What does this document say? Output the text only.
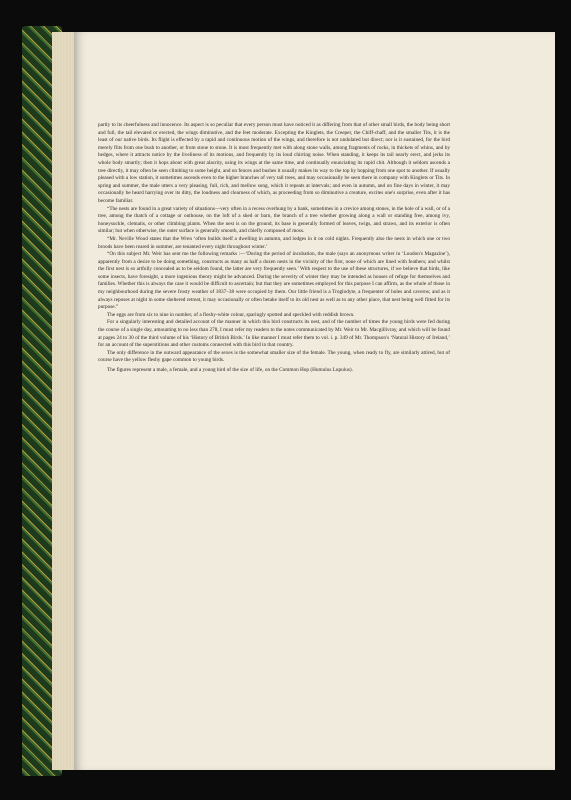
partly to its cheerfulness and innocence. Its aspect is so peculiar that every person must have noticed it as differing from that of other small birds, the body being short and full, the tail elevated or erected, the wings diminutive, and the feet moderate. Excepting the Kinglets, the Creeper, the Chiff-chaff, and the smaller Tits, it is the least of our native birds. Its flight is effected by a rapid and continuous motion of the wings, and therefore is not undulated but direct; nor is it sustained, for the bird merely flits from one bush to another, or from stone to stone. It is most frequently met with along stone walls, among fragments of rocks, in thickets of whins, and by hedges, where it attracts notice by the liveliness of its motions, and frequently by its loud chirring noise. When standing, it keeps its tail nearly erect, and jerks its whole body smartly; then it hops about with great alacrity, using its wings at the same time, and continually enunciating its rapid chit. Although it seldom ascends a tree directly, it may often be seen climbing to some height, and on fences and bushes it usually makes its way to the top by hopping from one spot to another. If usually pleased with a low station, it sometimes ascends even to the higher branches of very tall trees, and may occasionally be seen there in company with Kinglets or Tits. In spring and summer, the male utters a very pleasing, full, rich, and mellow song, which it repeats at intervals; and even in autumn, and on fine days in winter, it may occasionally be heard harrying over its ditty, the loudness and clearness of which, as proceeding from so diminutive a creature, excites one's surprise, even after it has become familiar.

“The nests are found in a great variety of situations—very often in a recess overhung by a bank, sometimes in a crevice among stones, in the hole of a wall, or of a tree, among the thatch of a cottage or outhouse, on the loft of a shed or barn, the branch of a tree whether growing along a wall or standing free, among ivy, honeysuckle, clematis, or other climbing plants. When the nest is on the ground, its base is generally formed of leaves, twigs, and straws, and its exterior is often similar; but when otherwise, the outer surface is generally smooth, and chiefly composed of moss.

“Mr. Neville Wood states that the Wren ‘often builds itself a dwelling in autumn, and lodges in it on cold nights. Frequently also the nests in which one or two broods have been reared in summer, are tenanted every night throughout winter.’

“On this subject Mr. Weir has sent me the following remarks :—‘During the period of incubation, the male (says an anonymous writer in ‘Loudon's Magazine’), apparently from a desire to be doing something, constructs as many as half a dozen nests in the vicinity of the first, none of which are lined with feathers; and whilst the first nest is so artfully concealed as to be seldom found, the latter are very frequently seen.’ With respect to the use of these structures, if we believe that birds, like some insects, have foresight, a more ingenious theory might be advanced. During the severity of winter they may be intended as houses of refuge for themselves and families. Whether this is always the case it would be difficult to ascertain; but that they are sometimes employed for this purpose I can affirm, as the whole of those in my neighbourhood during the severe frosty weather of 1837–38 were occupied by them. Our little friend is a Troglodyte, a frequenter of holes and caverns; and as it always reposes at night in some sheltered retreat, it may occasionally or often betake itself to its old nest as well as to any other place, that nest being well fitted for its purpose.”

The eggs are from six to nine in number, of a fleshy-white colour, sparingly spotted and speckled with reddish brown.

For a singularly interesting and detailed account of the manner in which this bird constructs its nest, and of the number of times the young birds were fed during the course of a single day, amounting to no less than 278, I must refer my readers to the notes communicated by Mr. Weir to Mr. Macgillivray, and which will be found at pages 24 to 30 of the third volume of his ‘History of British Birds.’ In like manner I must refer them to vol. i. p. 349 of Mr. Thompson's ‘Natural History of Ireland,’ for an account of the superstitions and other customs connected with this bird in that country.

The only difference in the outward appearance of the sexes is the somewhat smaller size of the female. The young, when ready to fly, are similarly attired, but of course have the yellow fleshy gape common to young birds.

The figures represent a male, a female, and a young bird of the size of life, on the Common Hop (Humulus Lupulus).
